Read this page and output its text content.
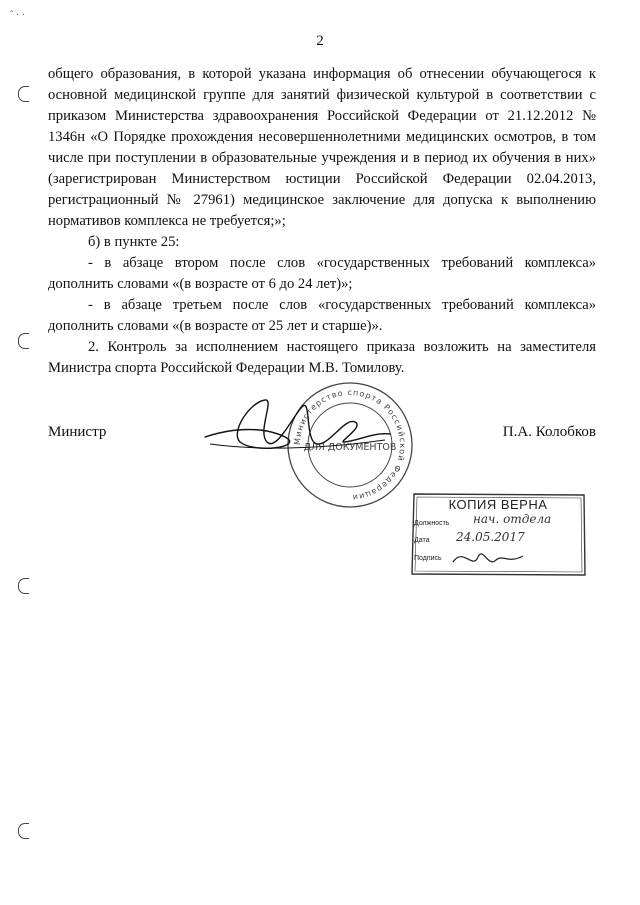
ˆ · ·
2

общего образования, в которой указана информация об отнесении обучающегося к основной медицинской группе для занятий физической культурой в соответствии с приказом Министерства здравоохранения Российской Федерации от 21.12.2012 № 1346н «О Порядке прохождения несовершеннолетними медицинских осмотров, в том числе при поступлении в образовательные учреждения и в период их обучения в них» (зарегистрирован Министерством юстиции Российской Федерации 02.04.2013, регистрационный № 27961) медицинское заключение для допуска к выполнению нормативов комплекса не требуется;»;

б) в пункте 25:

- в абзаце втором после слов «государственных требований комплекса» дополнить словами «(в возрасте от 6 до 24 лет)»;

- в абзаце третьем после слов «государственных требований комплекса» дополнить словами «(в возрасте от 25 лет и старше)».

2. Контроль за исполнением настоящего приказа возложить на заместителя Министра спорта Российской Федерации М.В. Томилову.

Министр	П.А. Колобков
Министерство спорта Российской Федерации
ДЛЯ ДОКУМЕНТОВ
КОПИЯ ВЕРНА
Должность нач. отдела
Дата 24.05.2017
Подпись
